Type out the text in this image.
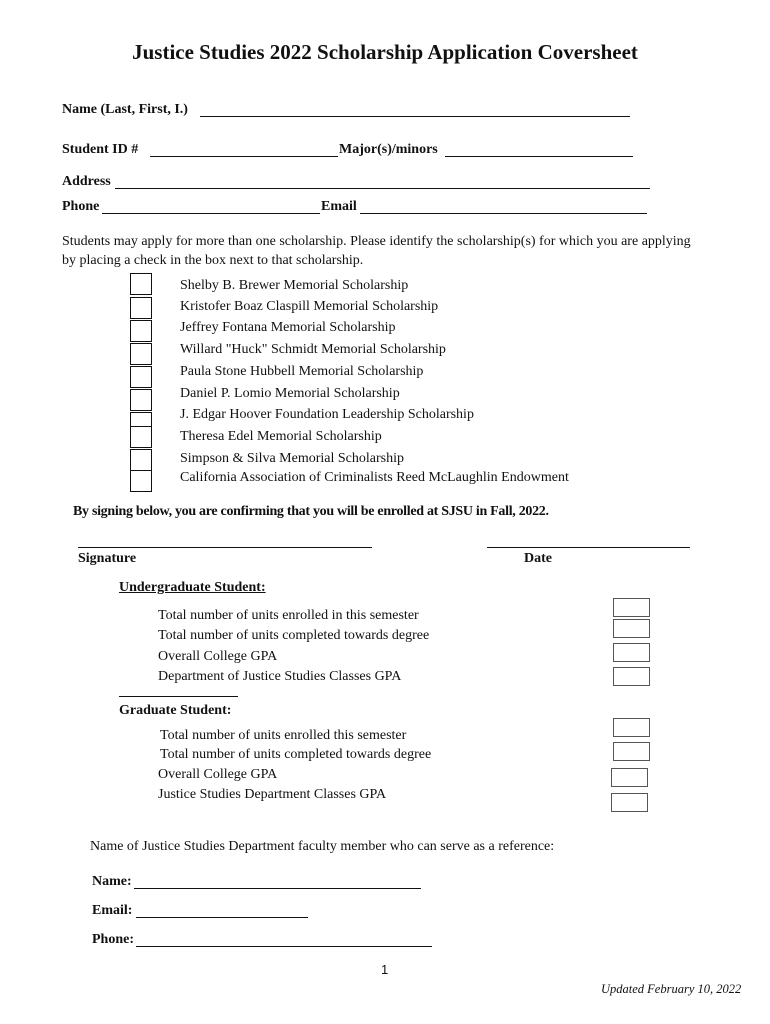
Justice Studies 2022 Scholarship Application Coversheet
Name (Last, First, I.)
Student ID #	Major(s)/minors
Address
Phone	Email
Students may apply for more than one scholarship. Please identify the scholarship(s) for which you are applying by placing a check in the box next to that scholarship.
Shelby B. Brewer Memorial Scholarship
Kristofer Boaz Claspill Memorial Scholarship
Jeffrey Fontana Memorial Scholarship
Willard "Huck" Schmidt Memorial Scholarship
Paula Stone Hubbell Memorial Scholarship
Daniel P. Lomio Memorial Scholarship
J. Edgar Hoover Foundation Leadership Scholarship
Theresa Edel Memorial Scholarship
Simpson & Silva Memorial Scholarship
California Association of Criminalists Reed McLaughlin Endowment
By signing below, you are confirming that you will be enrolled at SJSU in Fall, 2022.
Signature	Date
Undergraduate Student:
Total number of units enrolled in this semester
Total number of units completed towards degree
Overall College GPA
Department of Justice Studies Classes GPA
Graduate Student:
Total number of units enrolled this semester
Total number of units completed towards degree
Overall College GPA
Justice Studies Department Classes GPA
Name of Justice Studies Department faculty member who can serve as a reference:
Name:
Email:
Phone:
1
Updated February 10, 2022
